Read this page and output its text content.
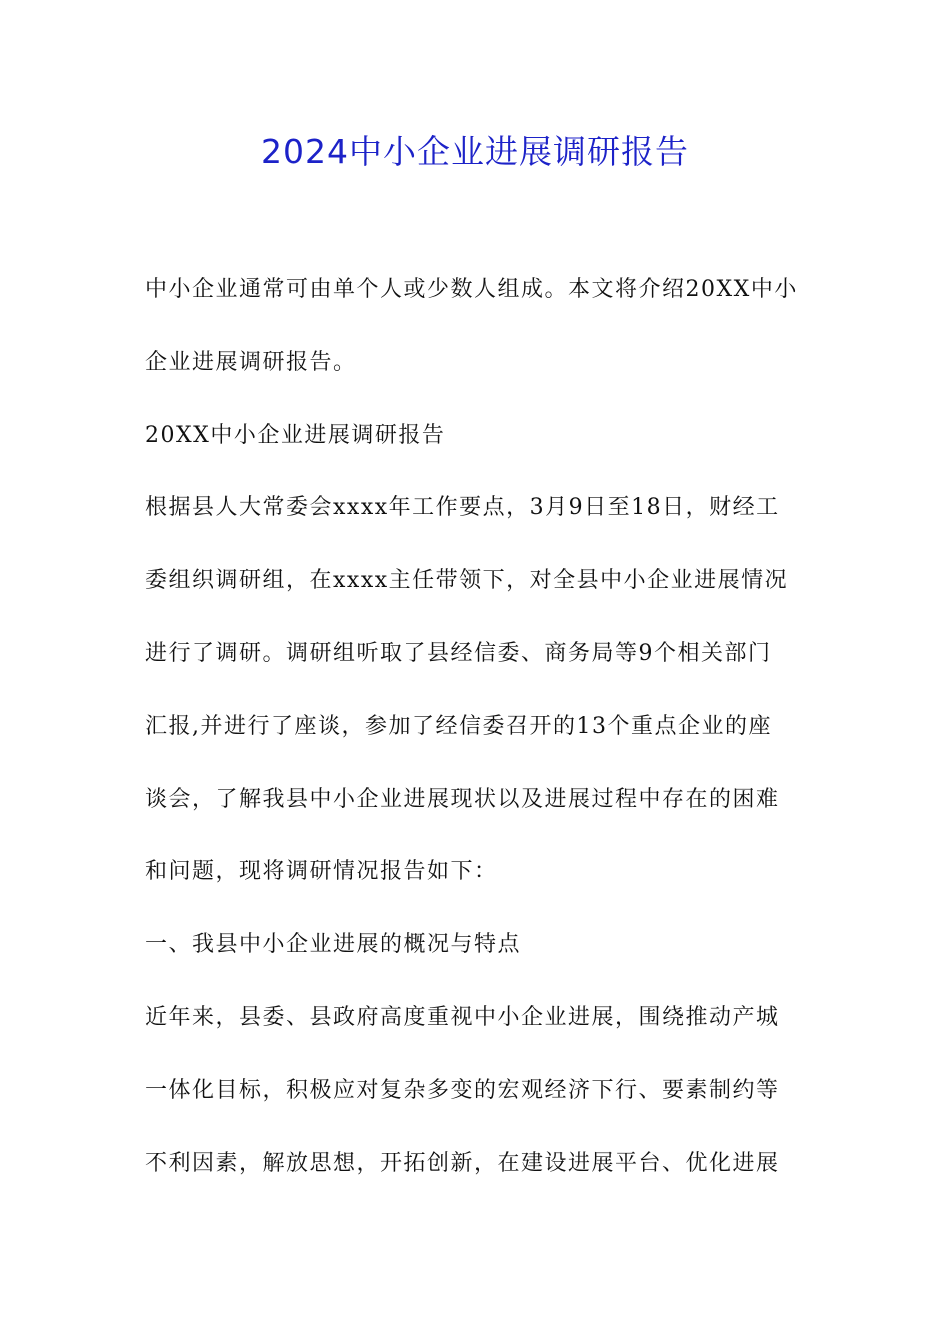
2024中小企业进展调研报告
中小企业通常可由单个人或少数人组成。本文将介绍20XX中小
企业进展调研报告。
20XX中小企业进展调研报告
根据县人大常委会xxxx年工作要点，3月9日至18日，财经工
委组织调研组，在xxxx主任带领下，对全县中小企业进展情况
进行了调研。调研组听取了县经信委、商务局等9个相关部门
汇报,并进行了座谈，参加了经信委召开的13个重点企业的座
谈会，了解我县中小企业进展现状以及进展过程中存在的困难
和问题，现将调研情况报告如下：
一、我县中小企业进展的概况与特点
近年来，县委、县政府高度重视中小企业进展，围绕推动产城
一体化目标，积极应对复杂多变的宏观经济下行、要素制约等
不利因素，解放思想，开拓创新，在建设进展平台、优化进展
